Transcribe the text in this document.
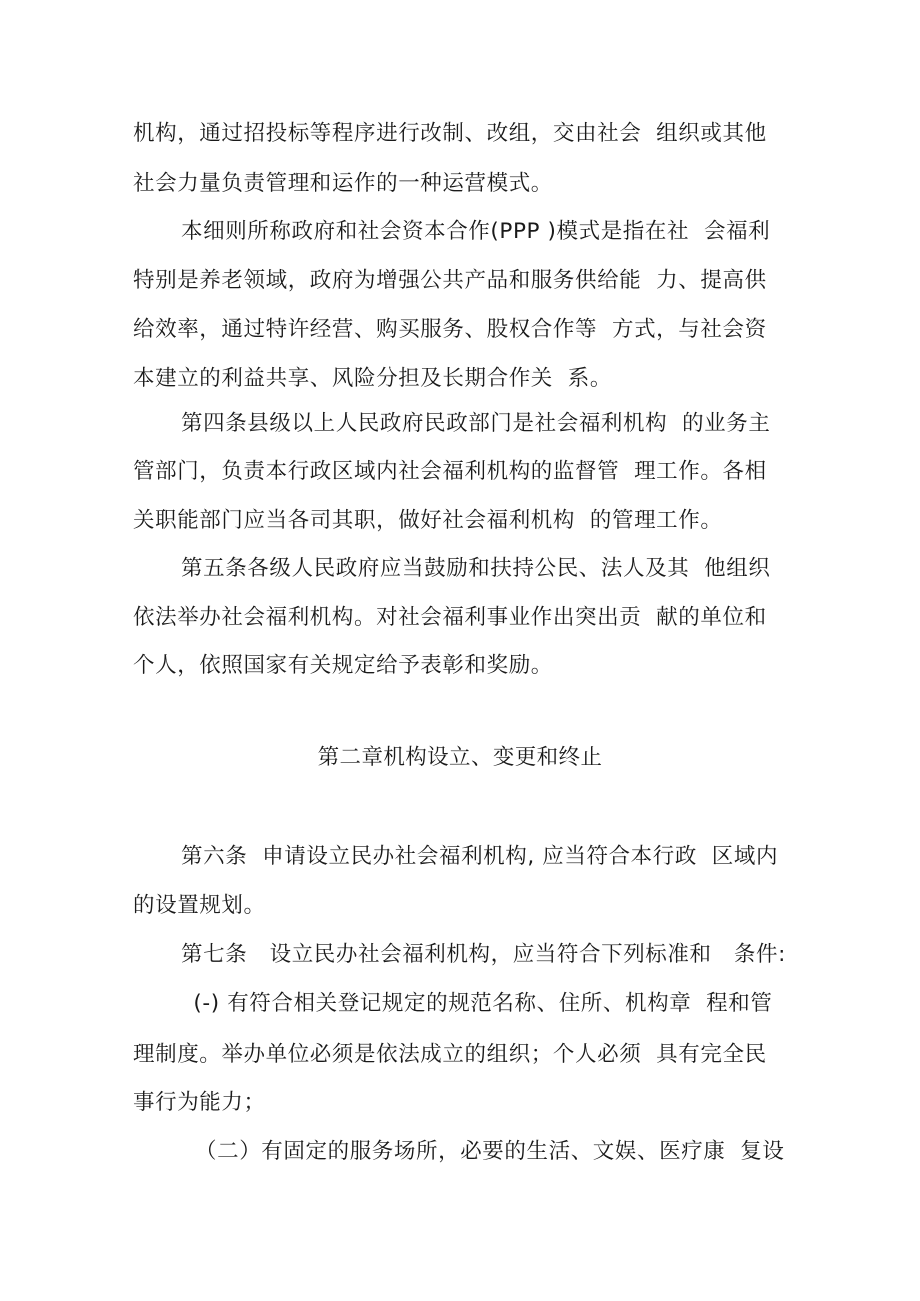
机构，通过招投标等程序进行改制、改组，交由社会  组织或其他
社会力量负责管理和运作的一种运营模式。
本细则所称政府和社会资本合作(PPP )模式是指在社  会福利
特别是养老领域，政府为增强公共产品和服务供给能  力、提高供
给效率，通过特许经营、购买服务、股权合作等  方式，与社会资
本建立的利益共享、风险分担及长期合作关  系。
第四条县级以上人民政府民政部门是社会福利机构  的业务主
管部门，负责本行政区域内社会福利机构的监督管  理工作。各相
关职能部门应当各司其职，做好社会福利机构  的管理工作。
第五条各级人民政府应当鼓励和扶持公民、法人及其  他组织
依法举办社会福利机构。对社会福利事业作出突出贡  献的单位和
个人，依照国家有关规定给予表彰和奖励。
第二章机构设立、变更和终止
第六条  申请设立民办社会福利机构, 应当符合本行政  区域内
的设置规划。
第七条   设立民办社会福利机构，应当符合下列标准和   条件:
(-) 有符合相关登记规定的规范名称、住所、机构章  程和管
理制度。举办单位必须是依法成立的组织；个人必须  具有完全民
事行为能力；
（二）有固定的服务场所，必要的生活、文娱、医疗康  复设
